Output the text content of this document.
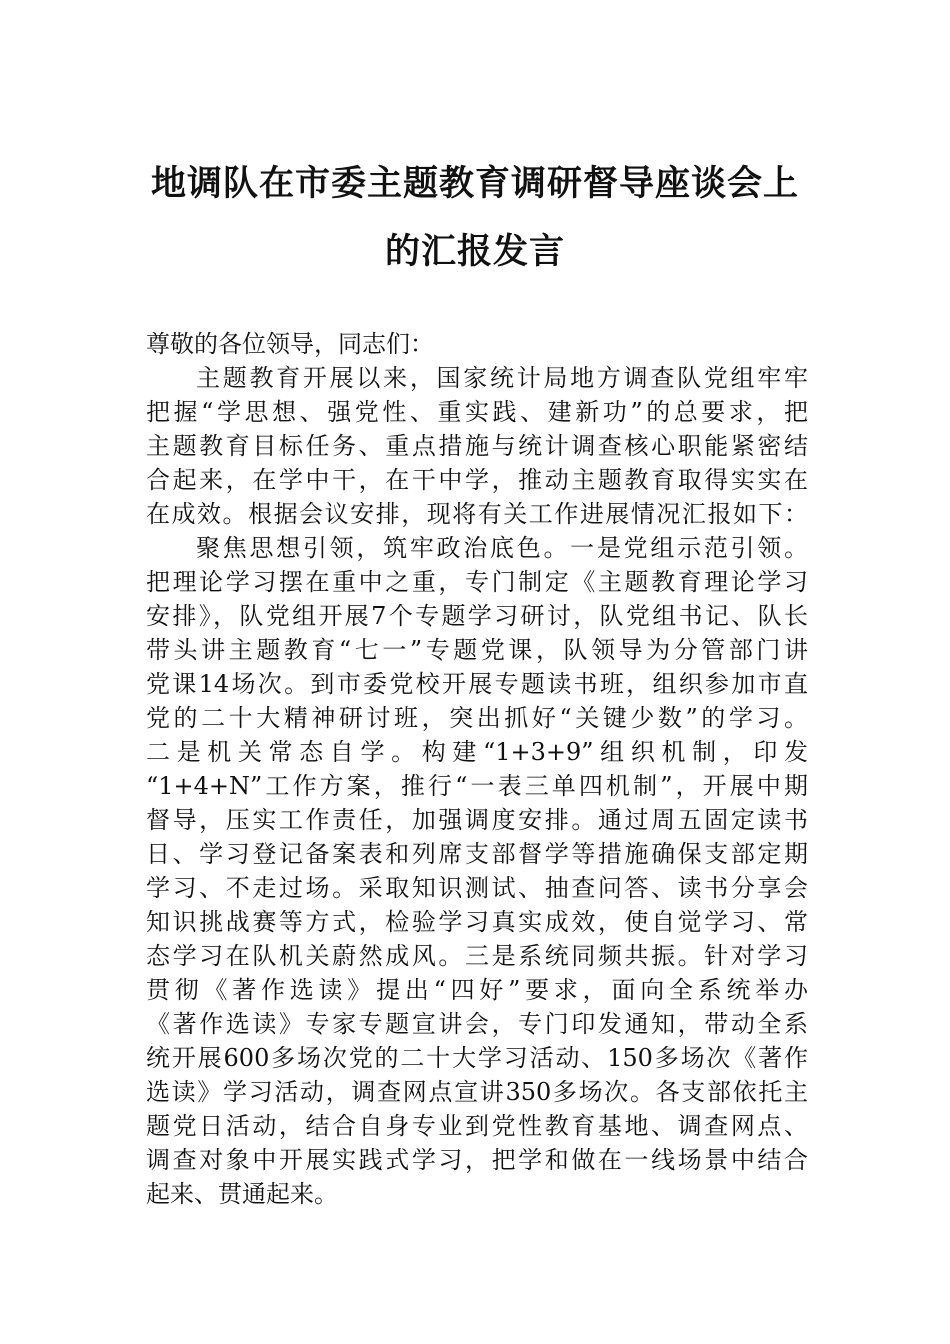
地调队在市委主题教育调研督导座谈会上
的汇报发言
尊敬的各位领导，同志们：
主题教育开展以来，国家统计局地方调查队党组牢牢
把握“学思想、强党性、重实践、建新功”的总要求，把
主题教育目标任务、重点措施与统计调查核心职能紧密结
合起来，在学中干，在干中学，推动主题教育取得实实在
在成效。根据会议安排，现将有关工作进展情况汇报如下：
聚焦思想引领，筑牢政治底色。一是党组示范引领。
把理论学习摆在重中之重，专门制定《主题教育理论学习
安排》，队党组开展7个专题学习研讨，队党组书记、队长
带头讲主题教育“七一”专题党课，队领导为分管部门讲
党课14场次。到市委党校开展专题读书班，组织参加市直
党的二十大精神研讨班，突出抓好“关键少数”的学习。
二是机关常态自学。构建“1+3+9”组织机制，印发
“1+4+N”工作方案，推行“一表三单四机制”，开展中期
督导，压实工作责任，加强调度安排。通过周五固定读书
日、学习登记备案表和列席支部督学等措施确保支部定期
学习、不走过场。采取知识测试、抽查问答、读书分享会
知识挑战赛等方式，检验学习真实成效，使自觉学习、常
态学习在队机关蔚然成风。三是系统同频共振。针对学习
贯彻《著作选读》提出“四好”要求，面向全系统举办
《著作选读》专家专题宣讲会，专门印发通知，带动全系
统开展600多场次党的二十大学习活动、150多场次《著作
选读》学习活动，调查网点宣讲350多场次。各支部依托主
题党日活动，结合自身专业到党性教育基地、调查网点、
调查对象中开展实践式学习，把学和做在一线场景中结合
起来、贯通起来。
